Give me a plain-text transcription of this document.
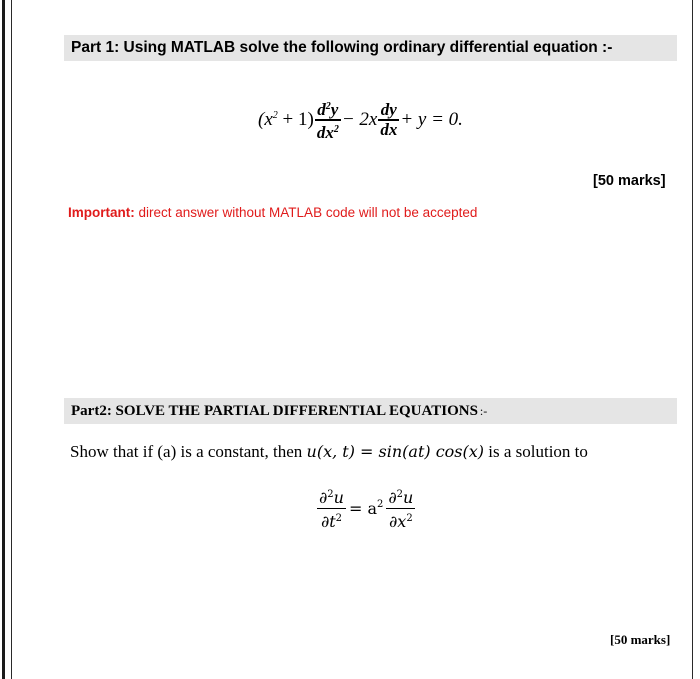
Part 1: Using MATLAB solve the following ordinary differential equation :-
$(x^2 + 1) \frac{d^2y}{dx^2} - 2x \frac{dy}{dx} + y = 0$.
[50 marks]
Important: direct answer without MATLAB code will not be accepted
Part2: SOLVE THE PARTIAL DIFFERENTIAL EQUATIONS :-
Show that if (a) is a constant, then u(x, t) = sin(at) cos(x) is a solution to
$\frac{\partial^2u}{\partial t^2} = a^2 \frac{\partial^2u}{\partial x^2}$
[50 marks]
